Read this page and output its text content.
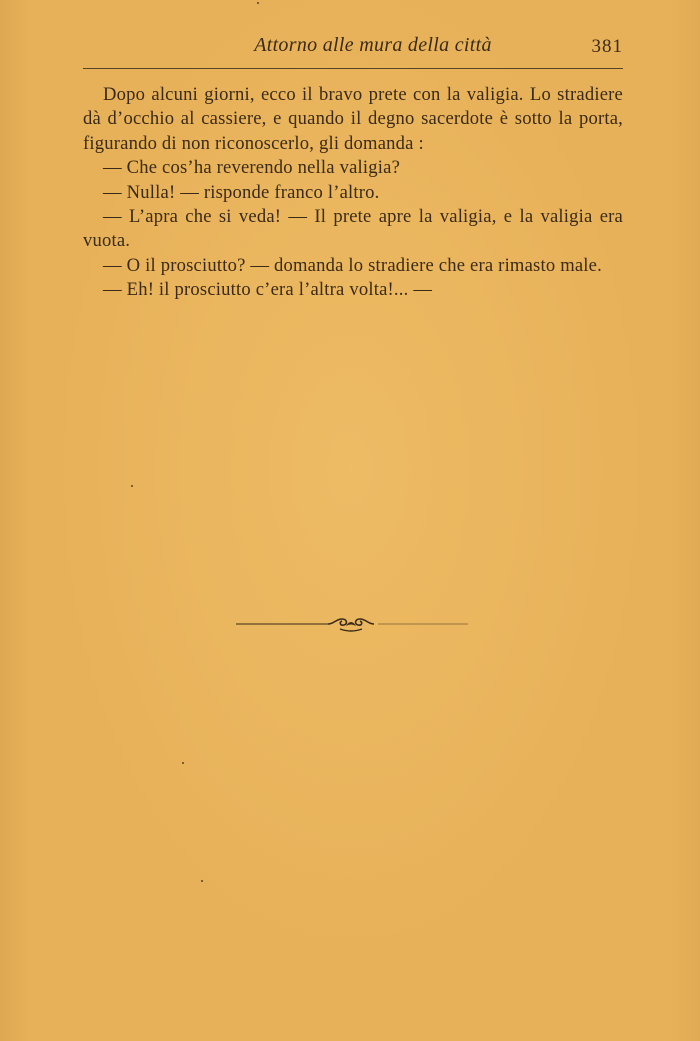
Attorno alle mura della città	381

Dopo alcuni giorni, ecco il bravo prete con la valigia. Lo stradiere dà d’occhio al cassiere, e quando il degno sacerdote è sotto la porta, figurando di non riconoscerlo, gli domanda :

— Che cos’ha reverendo nella valigia?

— Nulla! — risponde franco l’altro.

— L’apra che si veda! — Il prete apre la valigia, e la valigia era vuota.

— O il prosciutto? — domanda lo stradiere che era rimasto male.

— Eh! il prosciutto c’era l’altra volta!... —
